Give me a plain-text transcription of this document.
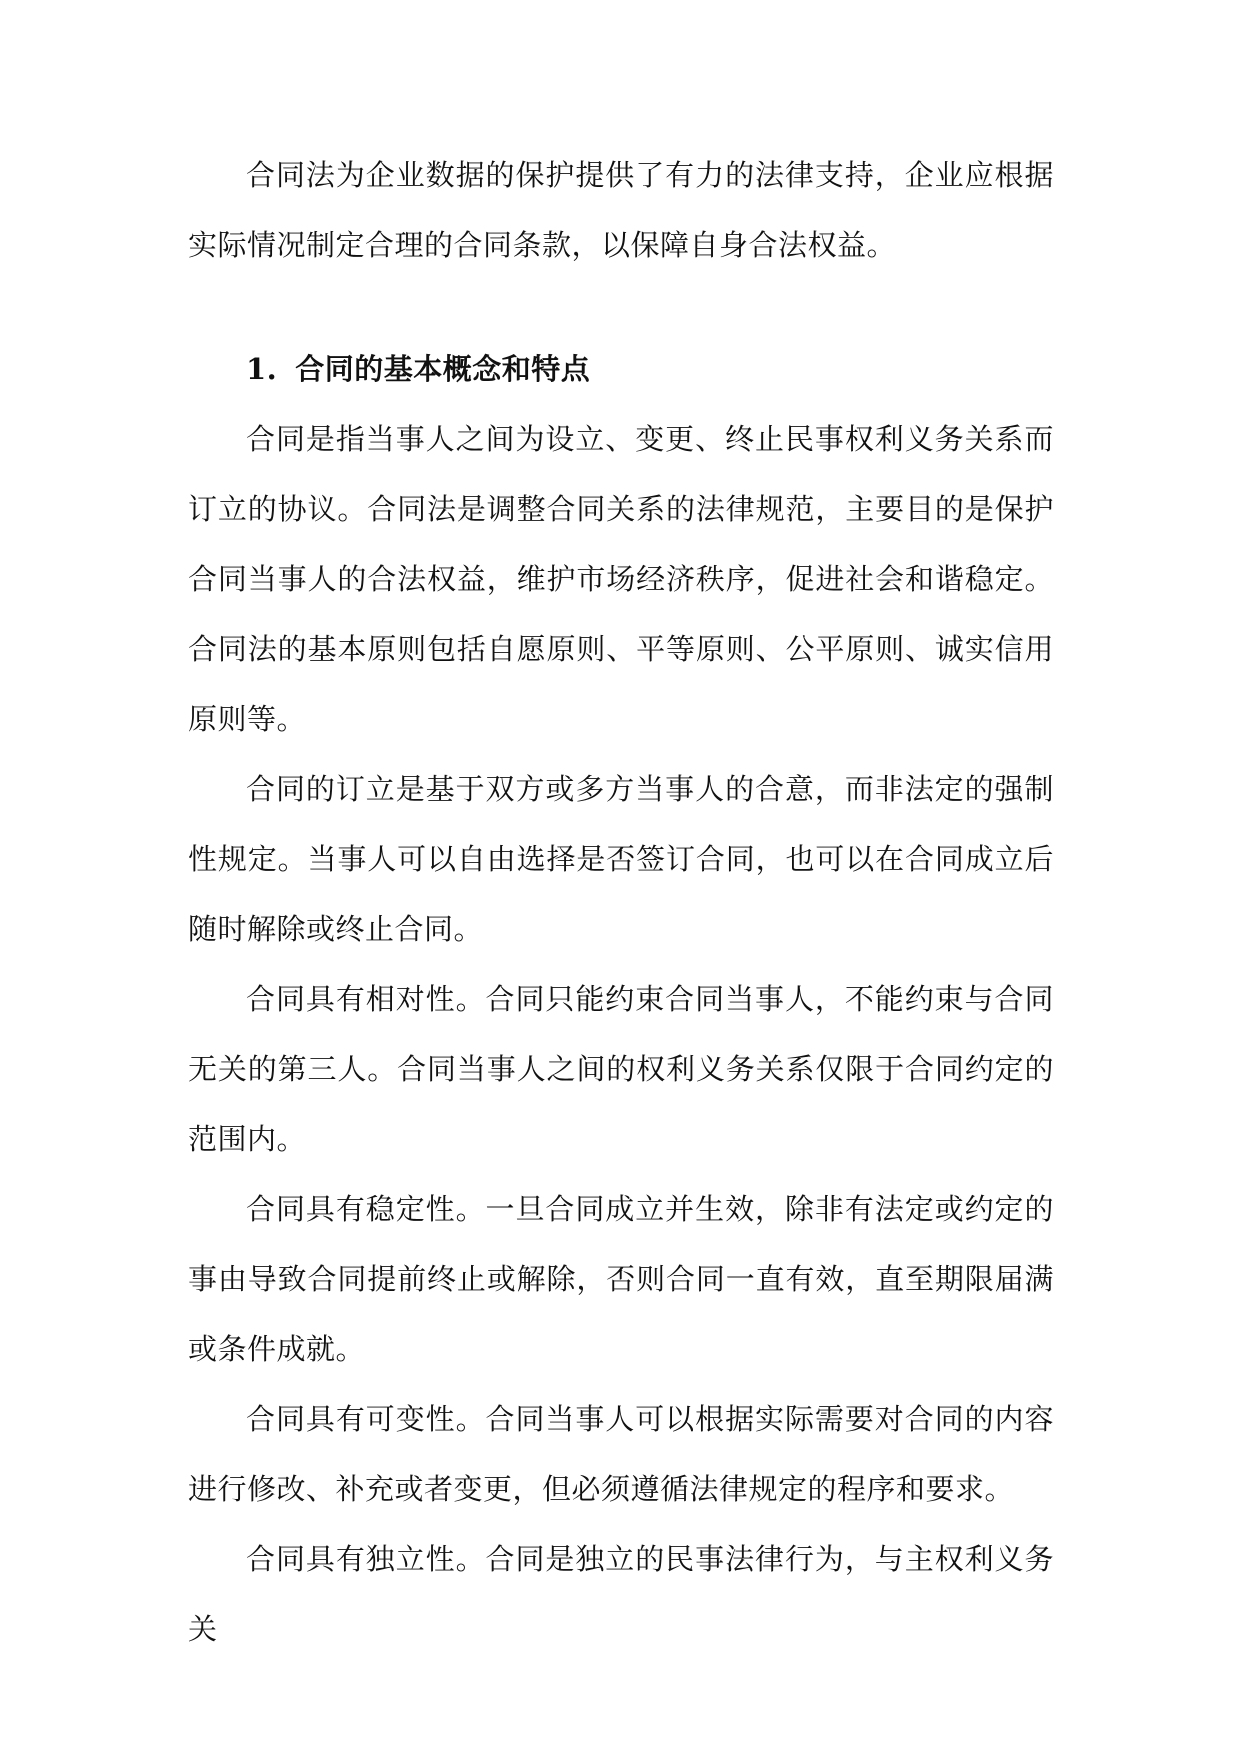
合同法为企业数据的保护提供了有力的法律支持，企业应根据实际情况制定合理的合同条款，以保障自身合法权益。

1. 合同的基本概念和特点

合同是指当事人之间为设立、变更、终止民事权利义务关系而订立的协议。合同法是调整合同关系的法律规范，主要目的是保护合同当事人的合法权益，维护市场经济秩序，促进社会和谐稳定。合同法的基本原则包括自愿原则、平等原则、公平原则、诚实信用原则等。

合同的订立是基于双方或多方当事人的合意，而非法定的强制性规定。当事人可以自由选择是否签订合同，也可以在合同成立后随时解除或终止合同。

合同具有相对性。合同只能约束合同当事人，不能约束与合同无关的第三人。合同当事人之间的权利义务关系仅限于合同约定的范围内。

合同具有稳定性。一旦合同成立并生效，除非有法定或约定的事由导致合同提前终止或解除，否则合同一直有效，直至期限届满或条件成就。

合同具有可变性。合同当事人可以根据实际需要对合同的内容进行修改、补充或者变更，但必须遵循法律规定的程序和要求。

合同具有独立性。合同是独立的民事法律行为，与主权利义务关
